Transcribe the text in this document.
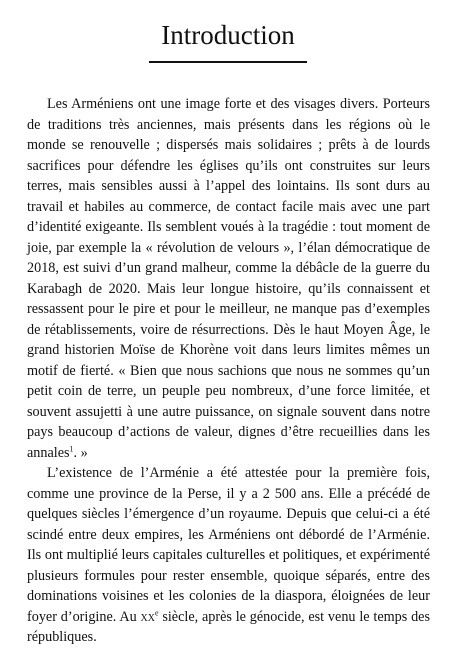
Introduction

Les Arméniens ont une image forte et des visages divers. Porteurs de traditions très anciennes, mais présents dans les régions où le monde se renouvelle ; dispersés mais solidaires ; prêts à de lourds sacrifices pour défendre les églises qu’ils ont construites sur leurs terres, mais sensibles aussi à l’appel des lointains. Ils sont durs au travail et habiles au commerce, de contact facile mais avec une part d’identité exigeante. Ils semblent voués à la tragédie : tout moment de joie, par exemple la « révolution de velours », l’élan démocratique de 2018, est suivi d’un grand malheur, comme la débâcle de la guerre du Karabagh de 2020. Mais leur longue histoire, qu’ils connaissent et ressassent pour le pire et pour le meilleur, ne manque pas d’exemples de rétablissements, voire de résurrections. Dès le haut Moyen Âge, le grand historien Moïse de Khorène voit dans leurs limites mêmes un motif de fierté. « Bien que nous sachions que nous ne sommes qu’un petit coin de terre, un peuple peu nombreux, d’une force limitée, et souvent assujetti à une autre puissance, on signale souvent dans notre pays beaucoup d’actions de valeur, dignes d’être recueillies dans les annales$^1$. »

L’existence de l’Arménie a été attestée pour la première fois, comme une province de la Perse, il y a 2 500 ans. Elle a précédé de quelques siècles l’émergence d’un royaume. Depuis que celui-ci a été scindé entre deux empires, les Arméniens ont débordé de l’Arménie. Ils ont multiplié leurs capitales culturelles et politiques, et expérimenté plusieurs formules pour rester ensemble, quoique séparés, entre des dominations voisines et les colonies de la diaspora, éloignées de leur foyer d’origine. Au $xx^e$ siècle, après le génocide, est venu le temps des républiques.
